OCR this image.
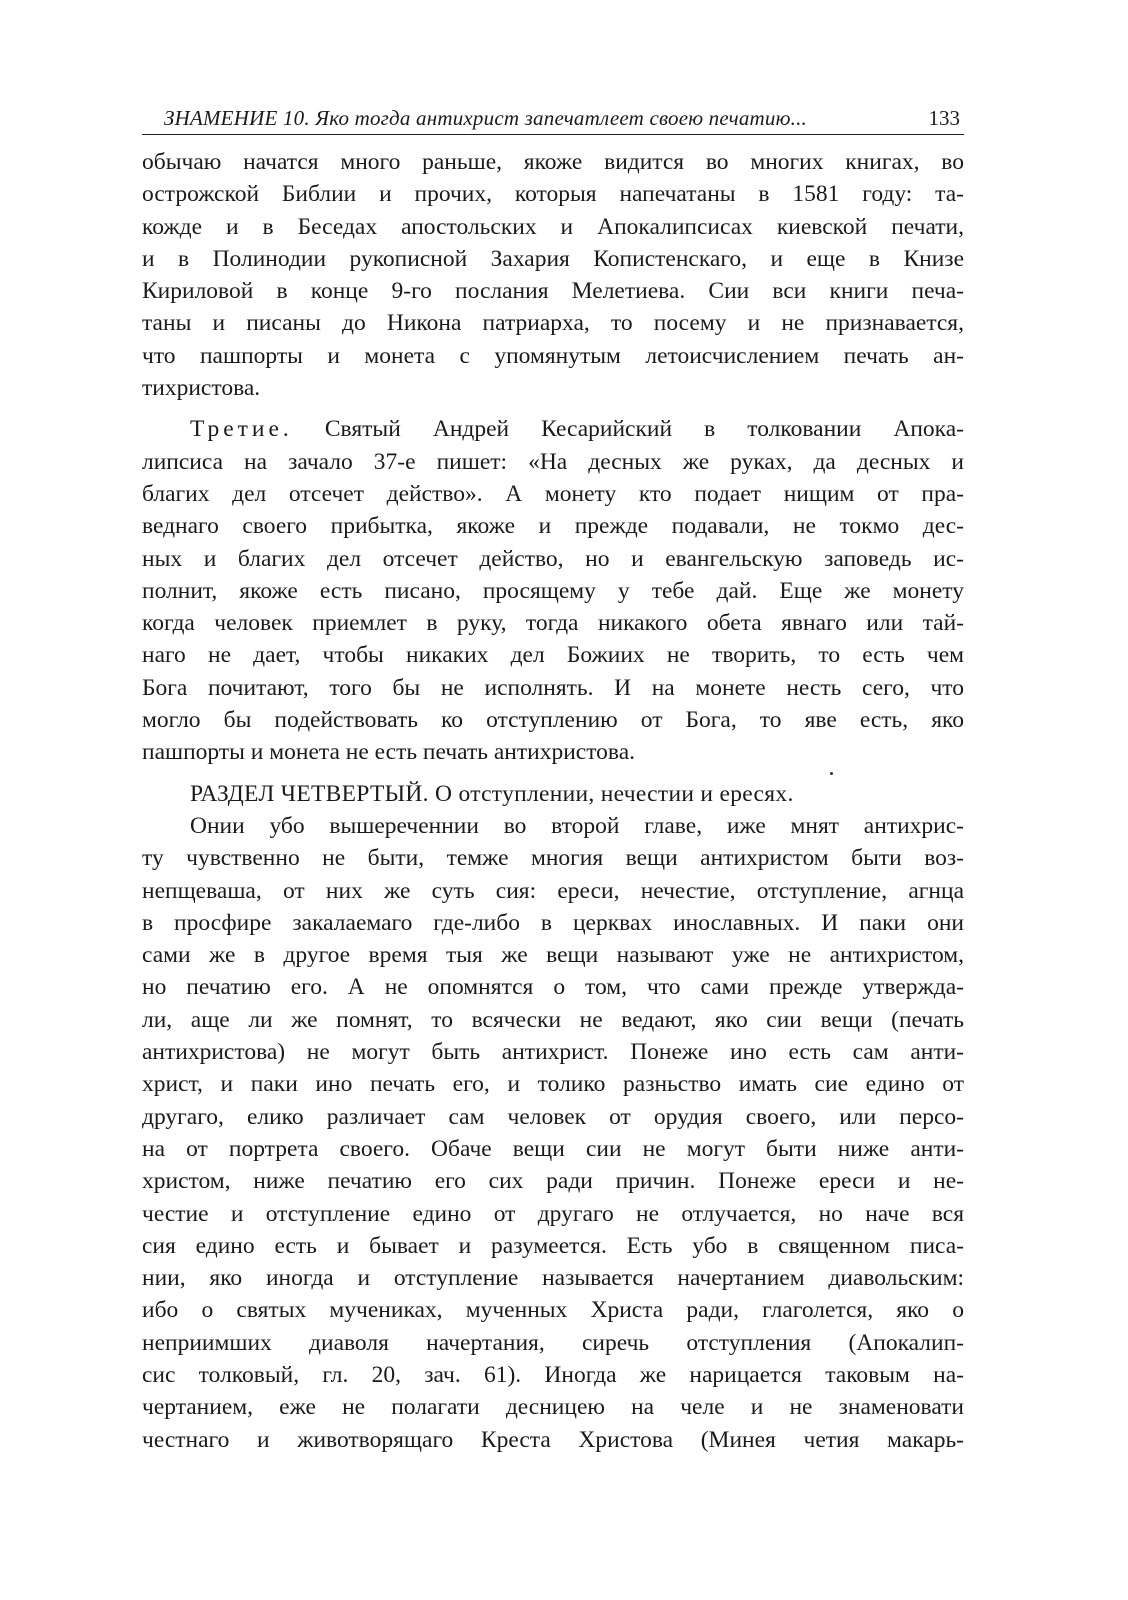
ЗНАМЕНИЕ 10. Яко тогда антихрист запечатлеет своею печатию...	133
обычаю начатся много раньше, якоже видится во многих книгах, во
острожской Библии и прочих, которыя напечатаны в 1581 году: та-
кожде и в Беседах апостольских и Апокалипсисах киевской печати,
и в Полинодии рукописной Захария Копистенскаго, и еще в Книзе
Кириловой в конце 9-го послания Мелетиева. Сии вси книги печа-
таны и писаны до Никона патриарха, то посему и не признавается,
что пашпорты и монета с упомянутым летоисчислением печать ан-
тихристова.
Третие. Святый Андрей Кесарийский в толковании Апока-
липсиса на зачало 37-е пишет: «На десных же руках, да десных и
благих дел отсечет действо». А монету кто подает нищим от пра-
веднаго своего прибытка, якоже и прежде подавали, не токмо дес-
ных и благих дел отсечет действо, но и евангельскую заповедь ис-
полнит, якоже есть писано, просящему у тебе дай. Еще же монету
когда человек приемлет в руку, тогда никакого обета явнаго или тай-
наго не дает, чтобы никаких дел Божиих не творить, то есть чем
Бога почитают, того бы не исполнять. И на монете несть сего, что
могло бы подействовать ко отступлению от Бога, то яве есть, яко
пашпорты и монета не есть печать антихристова.
РАЗДЕЛ ЧЕТВЕРТЫЙ. О отступлении, нечестии и ересях.
Онии убо вышереченнии во второй главе, иже мнят антихрис-
ту чувственно не быти, темже многия вещи антихристом быти воз-
непщеваша, от них же суть сия: ереси, нечестие, отступление, агнца
в просфире закалаемаго где-либо в церквах инославных. И паки они
сами же в другое время тыя же вещи называют уже не антихристом,
но печатию его. А не опомнятся о том, что сами прежде утвержда-
ли, аще ли же помнят, то всячески не ведают, яко сии вещи (печать
антихристова) не могут быть антихрист. Понеже ино есть сам анти-
христ, и паки ино печать его, и толико разньство имать сие едино от
другаго, елико различает сам человек от орудия своего, или персо-
на от портрета своего. Обаче вещи сии не могут быти ниже анти-
христом, ниже печатию его сих ради причин. Понеже ереси и не-
честие и отступление едино от другаго не отлучается, но наче вся
сия едино есть и бывает и разумеется. Есть убо в священном писа-
нии, яко иногда и отступление называется начертанием диавольским:
ибо о святых мучениках, мученных Христа ради, глаголется, яко о
неприимших диаволя начертания, сиречь отступления (Апокалип-
сис толковый, гл. 20, зач. 61). Иногда же нарицается таковым на-
чертанием, еже не полагати десницею на челе и не знаменовати
честнаго и животворящаго Креста Христова (Минея четия макарь-
